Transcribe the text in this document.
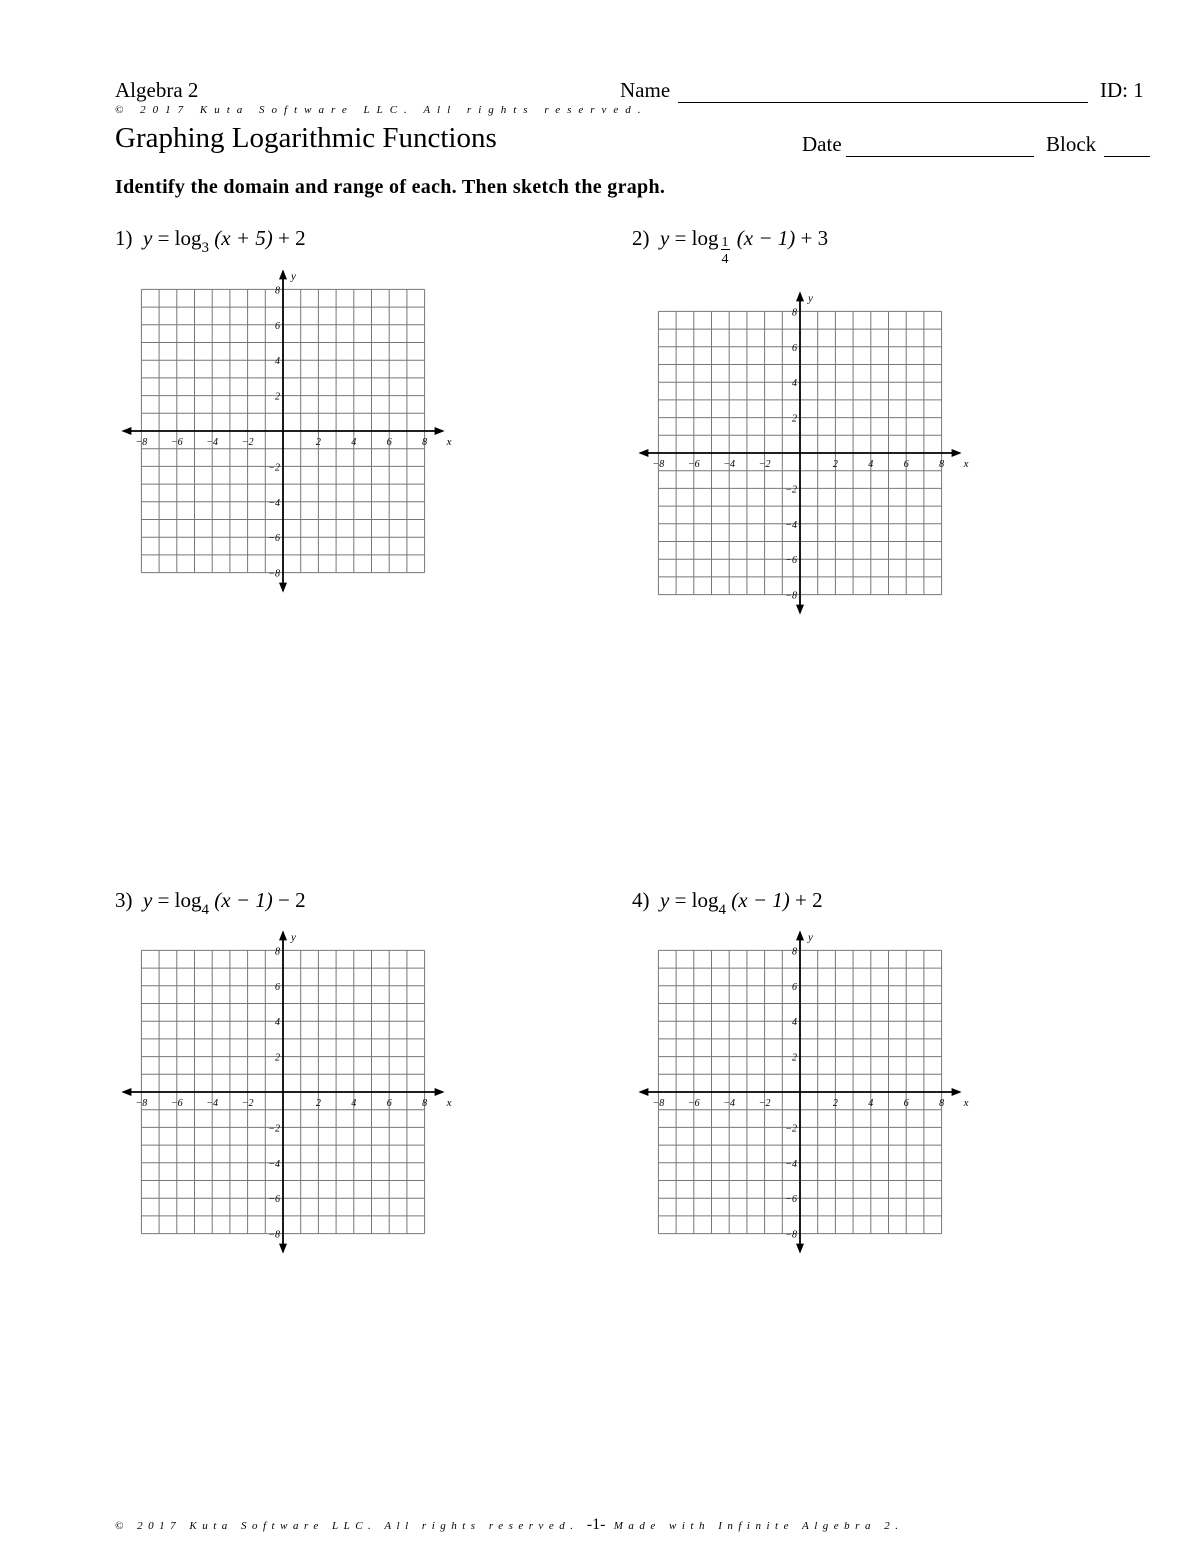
Algebra 2	Name	ID: 1
© 2017 Kuta Software LLC. All rights reserved.
Graphing Logarithmic Functions	Date	Block
Identify the domain and range of each. Then sketch the graph.
1) $y = \log_3 (x + 5) + 2$	2) $y = \log \frac{1}{4} (x - 1) + 3$
3) $y = \log_4 (x - 1) - 2$	4) $y = \log_4 (x - 1) + 2$
−8 −6 −4 −2	2	4	6	8
8
6
4
2
−2
−4
−6
−8
x
y
−8 −6 −4 −2	2	4	6	8
8
6
4
2
−2
−4
−6
−8
x
y
−8 −6 −4 −2	2	4	6	8
8
6
4
2
−2
−4
−6
−8
x
y
−8 −6 −4 −2	2	4	6	8
8
6
4
2
−2
−4
−6
−8
x
y
© 2017 Kuta Software LLC. All rights reserved. -1- Made with Infinite Algebra 2.
